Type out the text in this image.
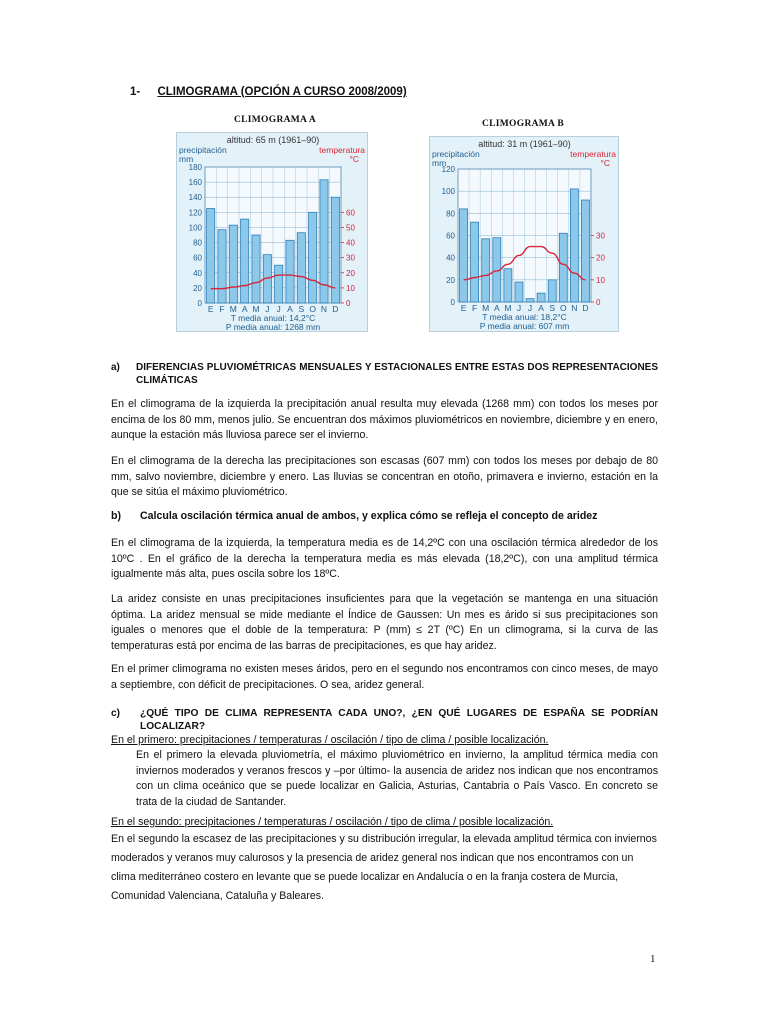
1- CLIMOGRAMA (OPCIÓN A CURSO 2008/2009)
CLIMOGRAMA A
altitud: 65 m (1961–90)
precipitación
mm
temperatura
°C
0
20
40
60
80
100
120
140
160
180
0
10
20
30
40
50
60
E F M A M J J A S O N D
T media anual: 14,2°C
P media anual: 1268 mm
CLIMOGRAMA B
altitud: 31 m (1961–90)
precipitación
mm
temperatura
°C
0
20
40
60
80
100
120
0
10
20
30
E F M A M J J A S O N D
T media anual: 18,2°C
P media anual: 607 mm
a) DIFERENCIAS PLUVIOMÉTRICAS MENSUALES Y ESTACIONALES ENTRE ESTAS DOS REPRESENTACIONES CLIMÁTICAS
En el climograma de la izquierda la precipitación anual resulta muy elevada (1268 mm) con todos los meses por encima de los 80 mm, menos julio. Se encuentran dos máximos pluviométricos en noviembre, diciembre y en enero, aunque la estación más lluviosa parece ser el invierno.
En el climograma de la derecha las precipitaciones son escasas (607 mm) con todos los meses por debajo de 80 mm, salvo noviembre, diciembre y enero. Las lluvias se concentran en otoño, primavera e invierno, estación en la que se sitúa el máximo pluviométrico.
b) Calcula oscilación térmica anual de ambos, y explica cómo se refleja el concepto de aridez
En el climograma de la izquierda, la temperatura media es de 14,2ºC con una oscilación térmica alrededor de los 10ºC . En el gráfico de la derecha la temperatura media es más elevada (18,2ºC), con una amplitud térmica igualmente más alta, pues oscila sobre los 18ºC.
La aridez consiste en unas precipitaciones insuficientes para que la vegetación se mantenga en una situación óptima. La aridez mensual se mide mediante el Índice de Gaussen: Un mes es árido si sus precipitaciones son iguales o menores que el doble de la temperatura: P (mm) ≤ 2T (ºC) En un climograma, si la curva de las temperaturas está por encima de las barras de precipitaciones, es que hay aridez.
En el primer climograma no existen meses áridos, pero en el segundo nos encontramos con cinco meses, de mayo a septiembre, con déficit de precipitaciones. O sea, aridez general.
c) ¿QUÉ TIPO DE CLIMA REPRESENTA CADA UNO?, ¿EN QUÉ LUGARES DE ESPAÑA SE PODRÍAN LOCALIZAR?
En el primero: precipitaciones / temperaturas / oscilación / tipo de clima / posible localización.
En el primero la elevada pluviometría, el máximo pluviométrico en invierno, la amplitud térmica media con inviernos moderados y veranos frescos y –por último- la ausencia de aridez nos indican que nos encontramos con un clima oceánico que se puede localizar en Galicia, Asturias, Cantabria o País Vasco. En concreto se trata de la ciudad de Santander.
En el segundo: precipitaciones / temperaturas / oscilación / tipo de clima / posible localización.
En el segundo la escasez de las precipitaciones y su distribución irregular, la elevada amplitud térmica con inviernos
moderados y veranos muy calurosos y la presencia de aridez general nos indican que nos encontramos con un
clima mediterráneo costero en levante que se puede localizar en Andalucía o en la franja costera de Murcia,
Comunidad Valenciana, Cataluña y Baleares.
1
